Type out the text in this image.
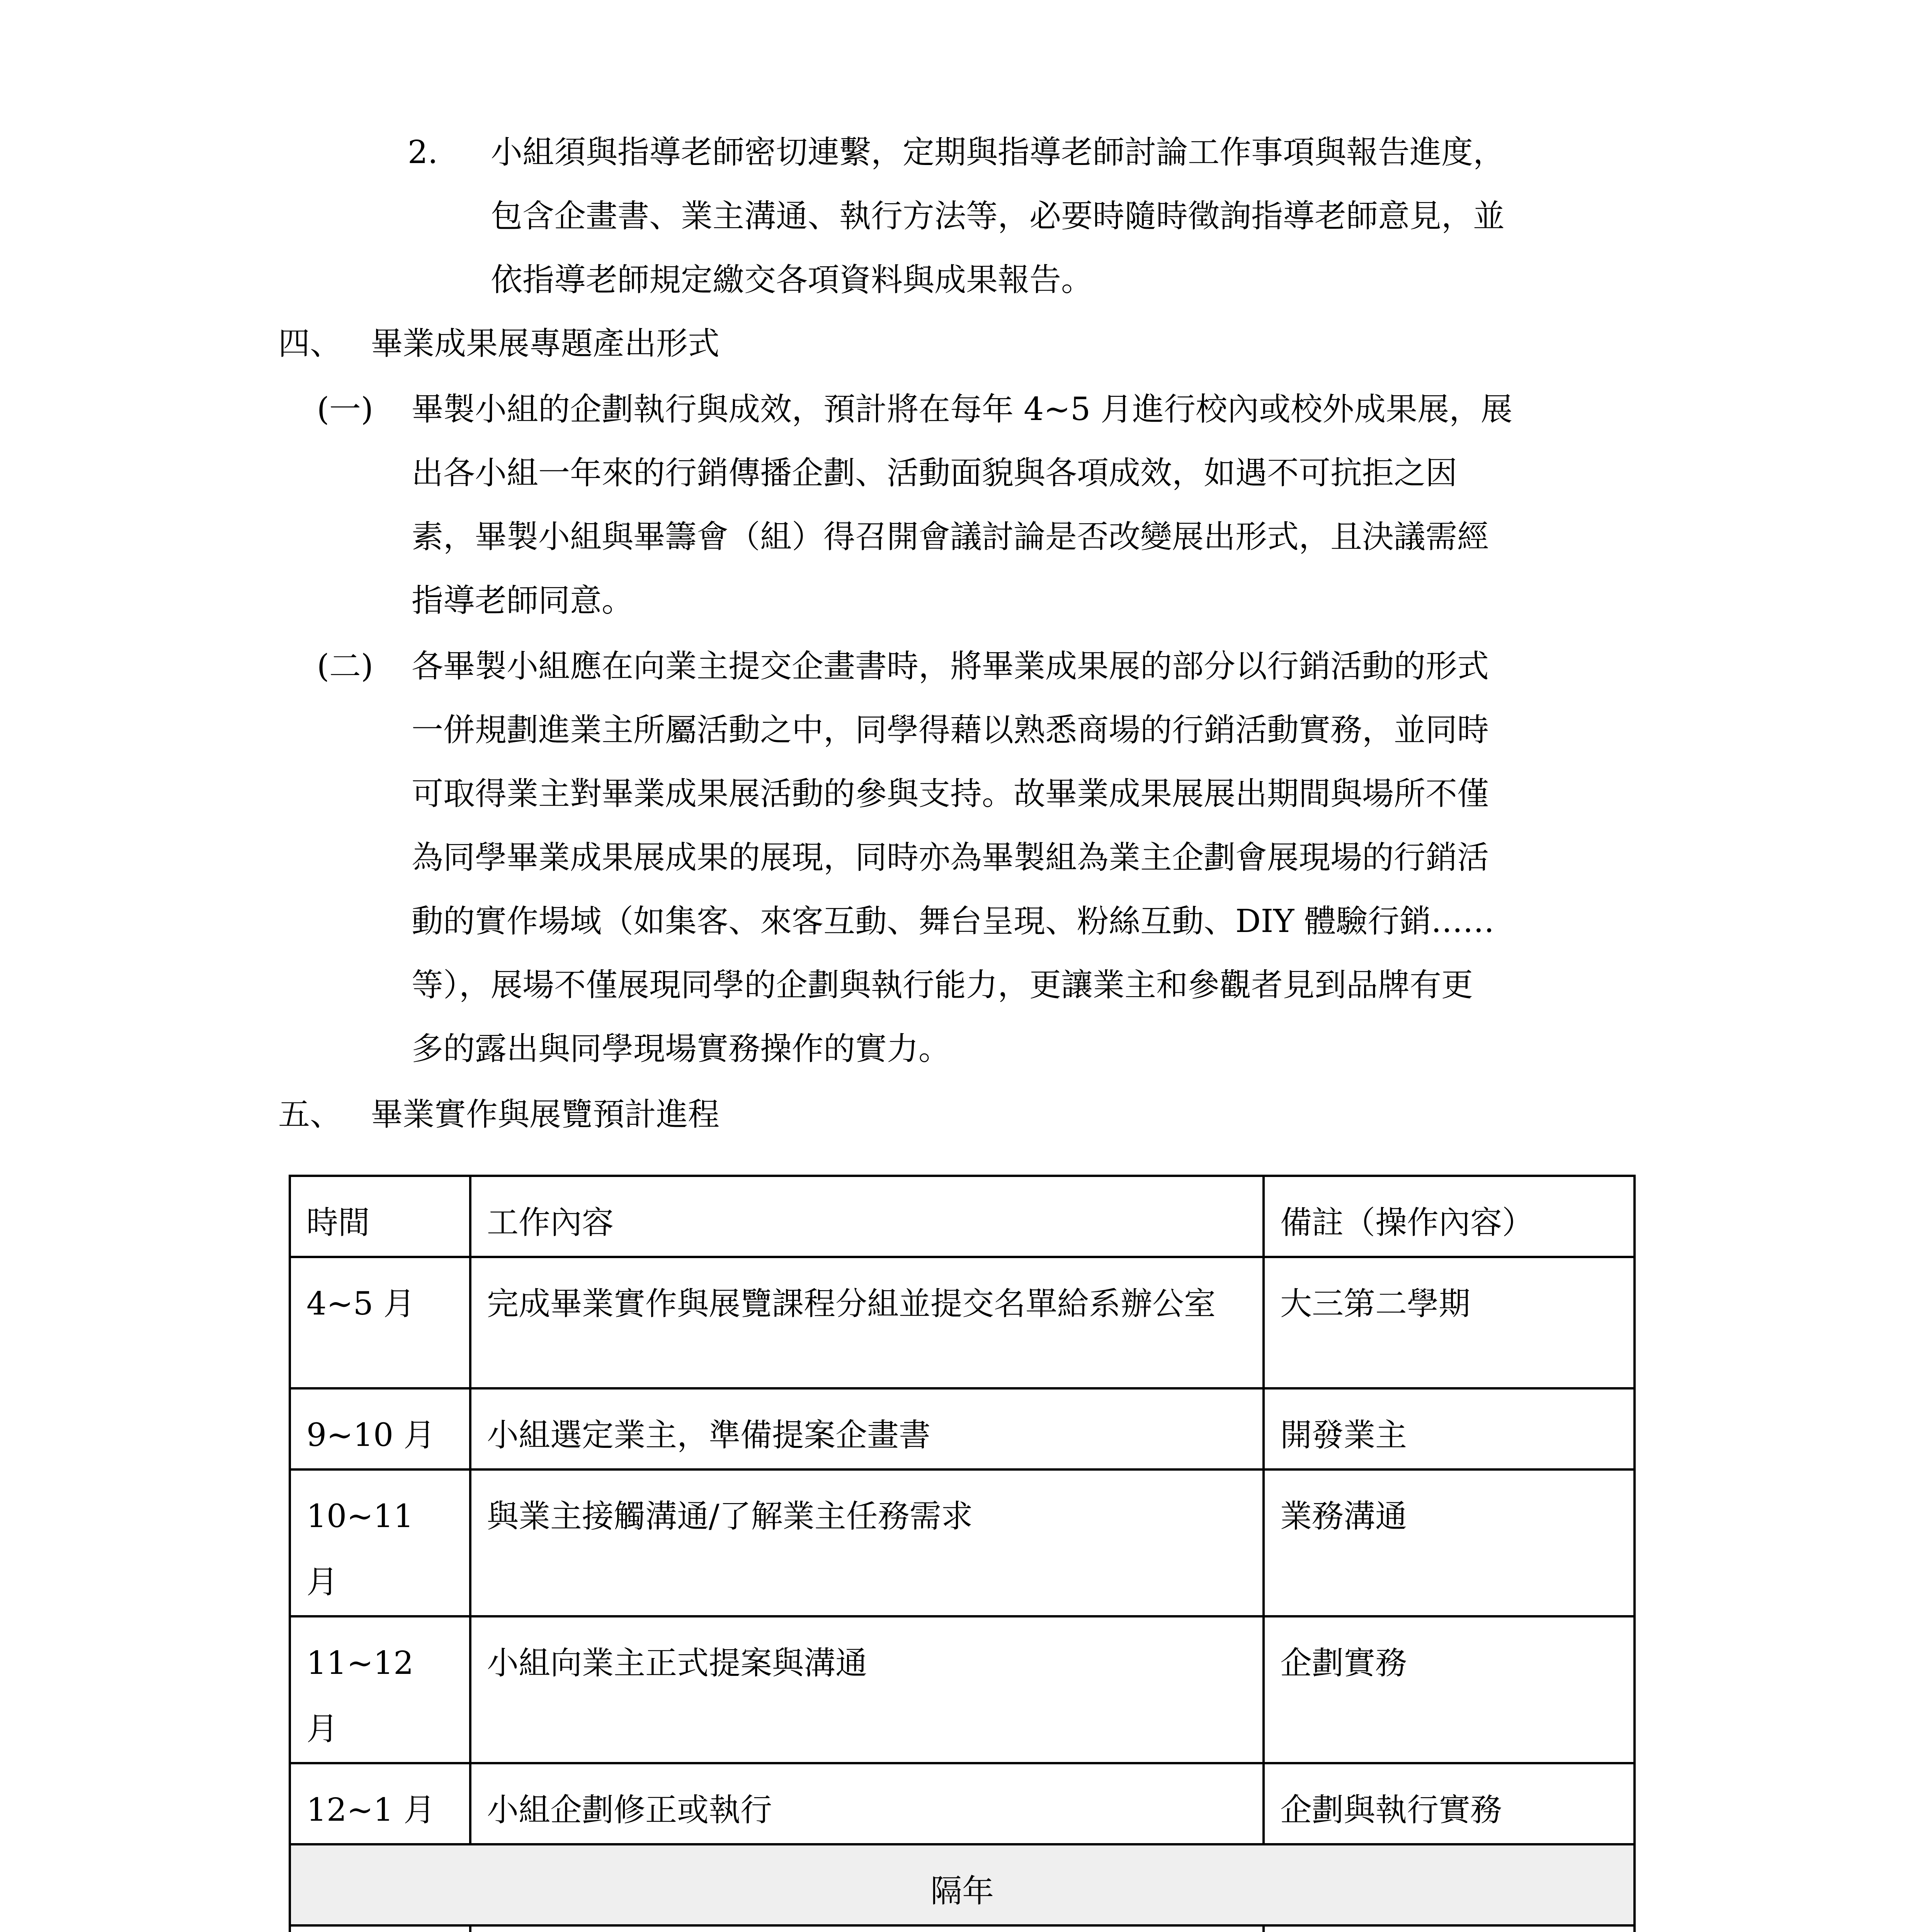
2. 小組須與指導老師密切連繫，定期與指導老師討論工作事項與報告進度，
包含企畫書、業主溝通、執行方法等，必要時隨時徵詢指導老師意見，並
依指導老師規定繳交各項資料與成果報告。
四、 畢業成果展專題產出形式
(一) 畢製小組的企劃執行與成效，預計將在每年 4~5 月進行校內或校外成果展，展
出各小組一年來的行銷傳播企劃、活動面貌與各項成效，如遇不可抗拒之因
素，畢製小組與畢籌會（組）得召開會議討論是否改變展出形式，且決議需經
指導老師同意。
(二) 各畢製小組應在向業主提交企畫書時，將畢業成果展的部分以行銷活動的形式
一併規劃進業主所屬活動之中，同學得藉以熟悉商場的行銷活動實務，並同時
可取得業主對畢業成果展活動的參與支持。故畢業成果展展出期間與場所不僅
為同學畢業成果展成果的展現，同時亦為畢製組為業主企劃會展現場的行銷活
動的實作場域（如集客、來客互動、舞台呈現、粉絲互動、DIY 體驗行銷……
等），展場不僅展現同學的企劃與執行能力，更讓業主和參觀者見到品牌有更
多的露出與同學現場實務操作的實力。
五、 畢業實作與展覽預計進程
時間	工作內容	備註（操作內容）
4~5 月	完成畢業實作與展覽課程分組並提交名單給系辦公室	大三第二學期
9~10 月	小組選定業主，準備提案企畫書	開發業主
10~11 月	與業主接觸溝通/了解業主任務需求	業務溝通
11~12 月	小組向業主正式提案與溝通	企劃實務
12~1 月	小組企劃修正或執行	企劃與執行實務
隔年		
